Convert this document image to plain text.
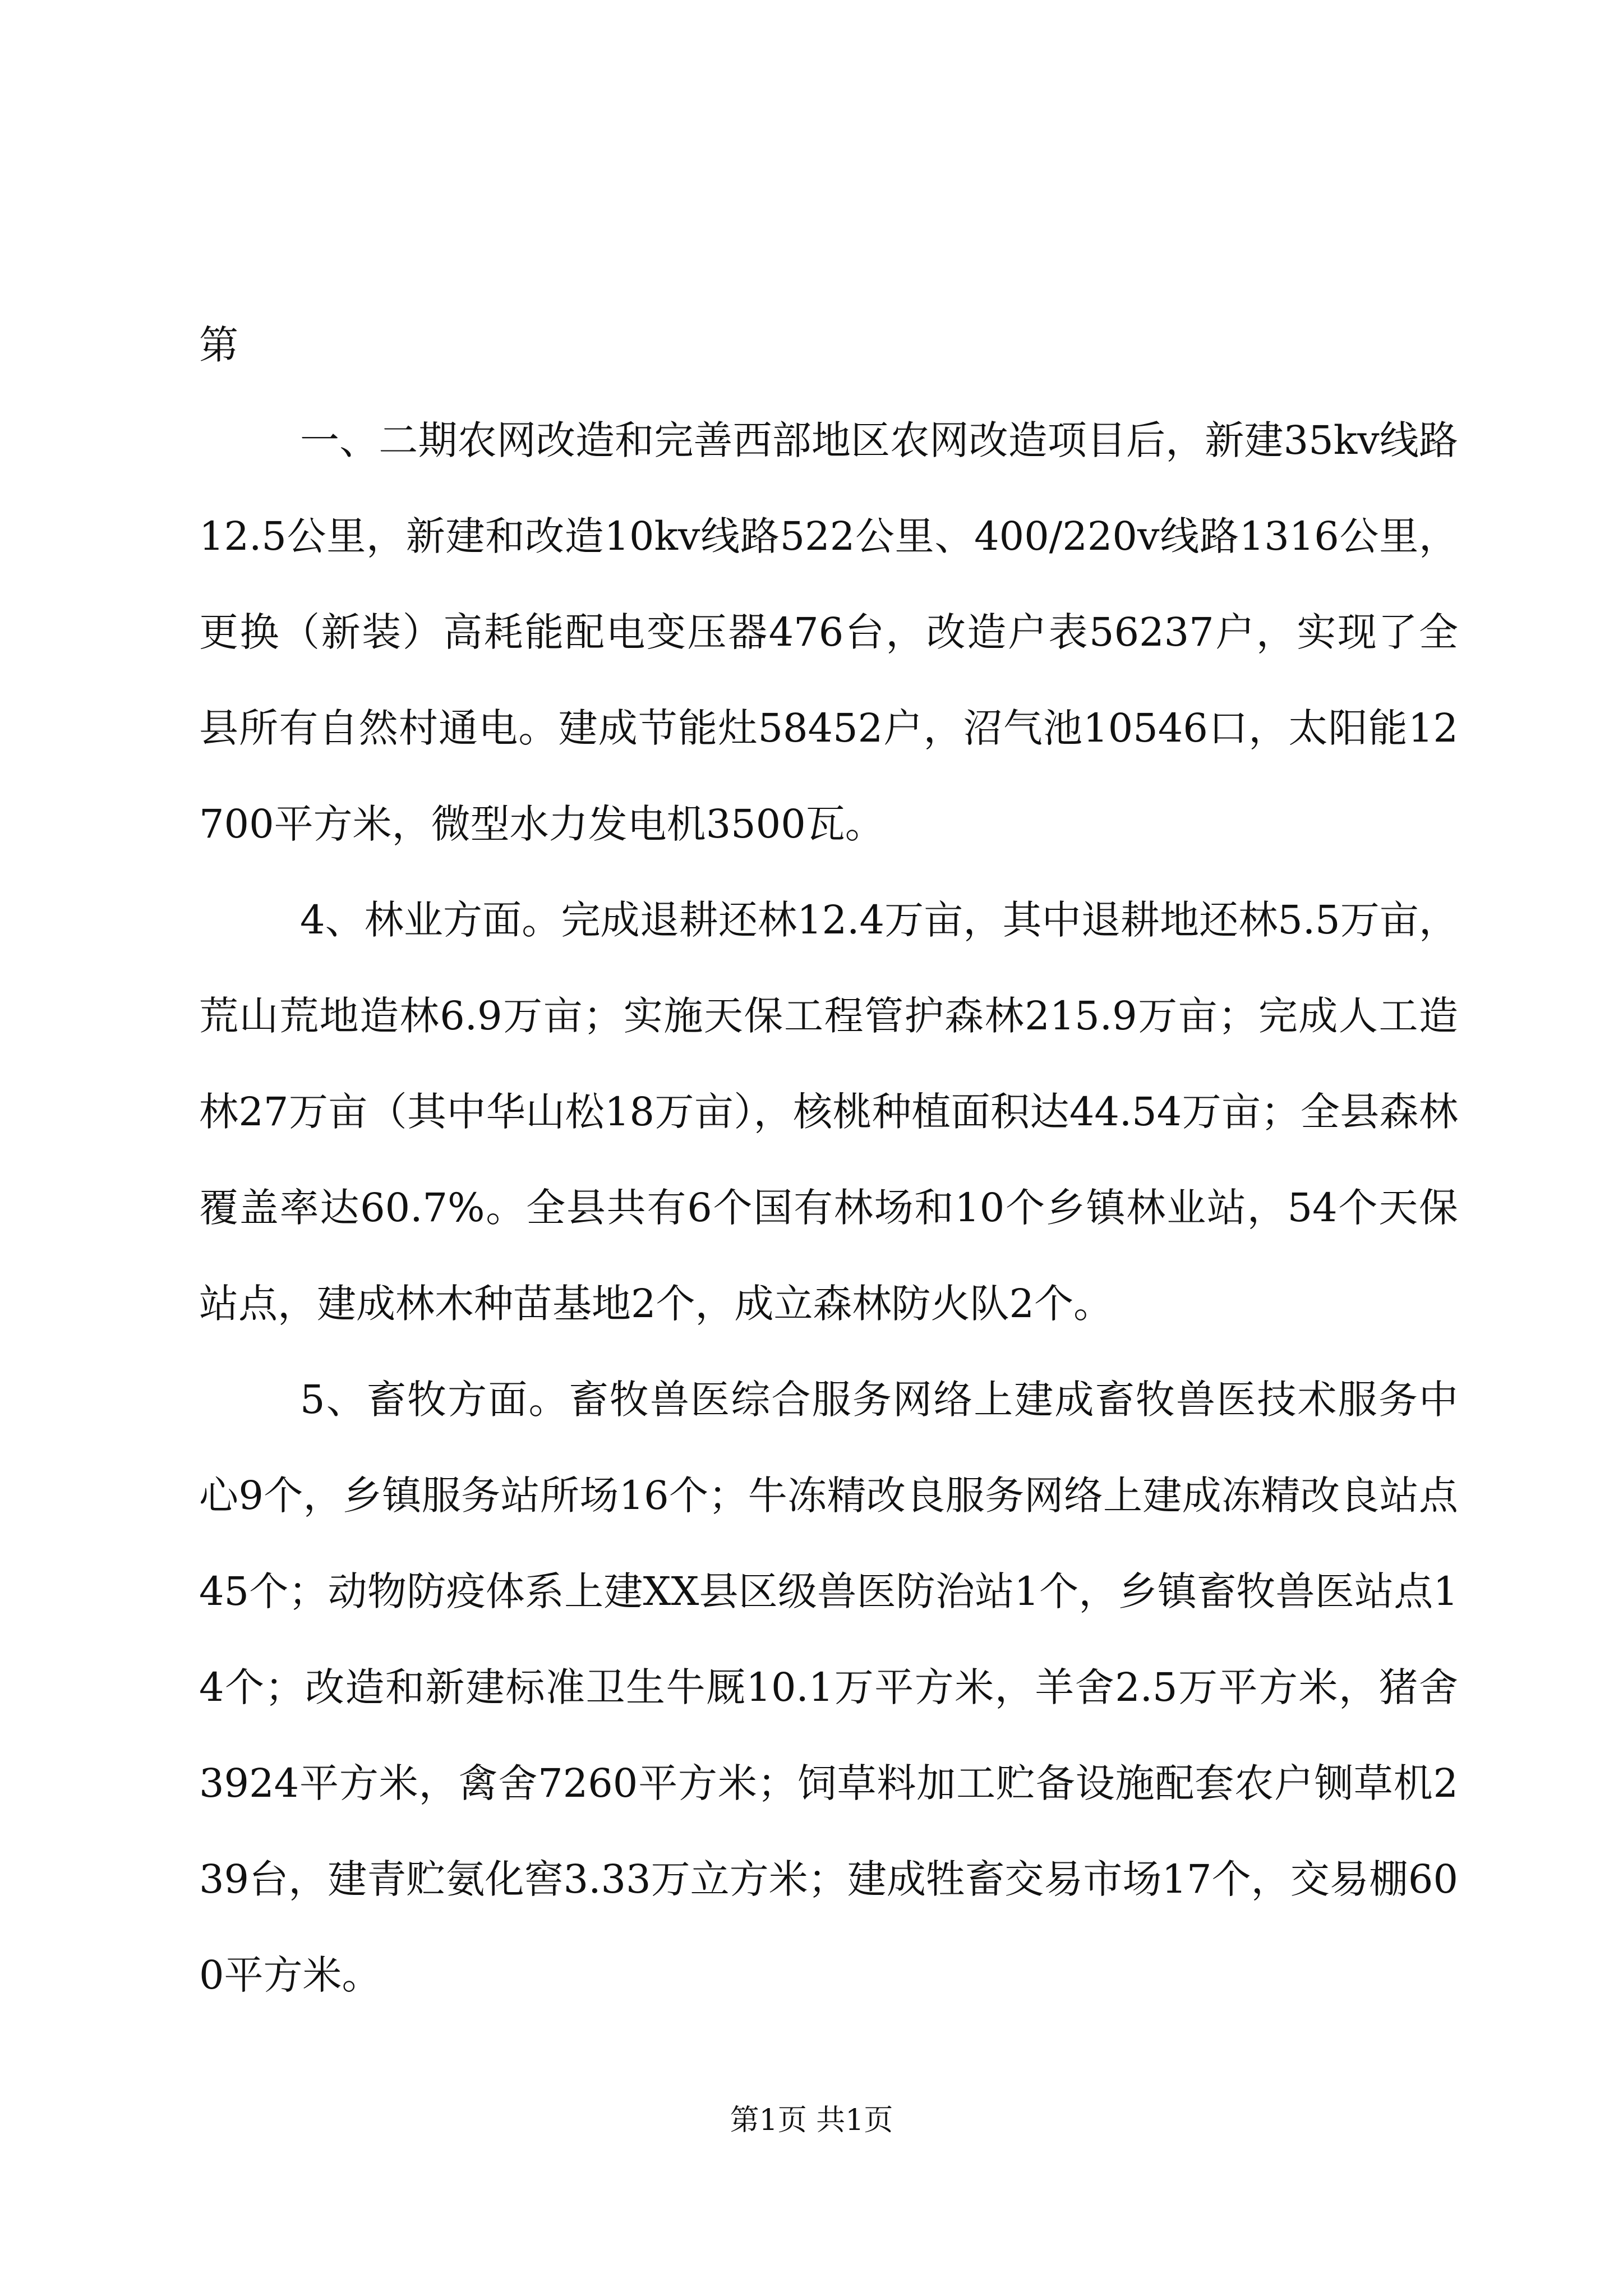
第

一、二期农网改造和完善西部地区农网改造项目后，新建35kv线路12.5公里，新建和改造10kv线路522公里、400/220v线路1316公里，更换（新装）高耗能配电变压器476台，改造户表56237户，实现了全县所有自然村通电。建成节能灶58452户，沼气池10546口，太阳能12700平方米，微型水力发电机3500瓦。

4、林业方面。完成退耕还林12.4万亩，其中退耕地还林5.5万亩，荒山荒地造林6.9万亩；实施天保工程管护森林215.9万亩；完成人工造林27万亩（其中华山松18万亩），核桃种植面积达44.54万亩；全县森林覆盖率达60.7%。全县共有6个国有林场和10个乡镇林业站，54个天保站点，建成林木种苗基地2个，成立森林防火队2个。

5、畜牧方面。畜牧兽医综合服务网络上建成畜牧兽医技术服务中心9个，乡镇服务站所场16个；牛冻精改良服务网络上建成冻精改良站点45个；动物防疫体系上建XX县区级兽医防治站1个，乡镇畜牧兽医站点14个；改造和新建标准卫生牛厩10.1万平方米，羊舍2.5万平方米，猪舍3924平方米，禽舍7260平方米；饲草料加工贮备设施配套农户铡草机239台，建青贮氨化窖3.33万立方米；建成牲畜交易市场17个，交易棚600平方米。

第1页 共1页
